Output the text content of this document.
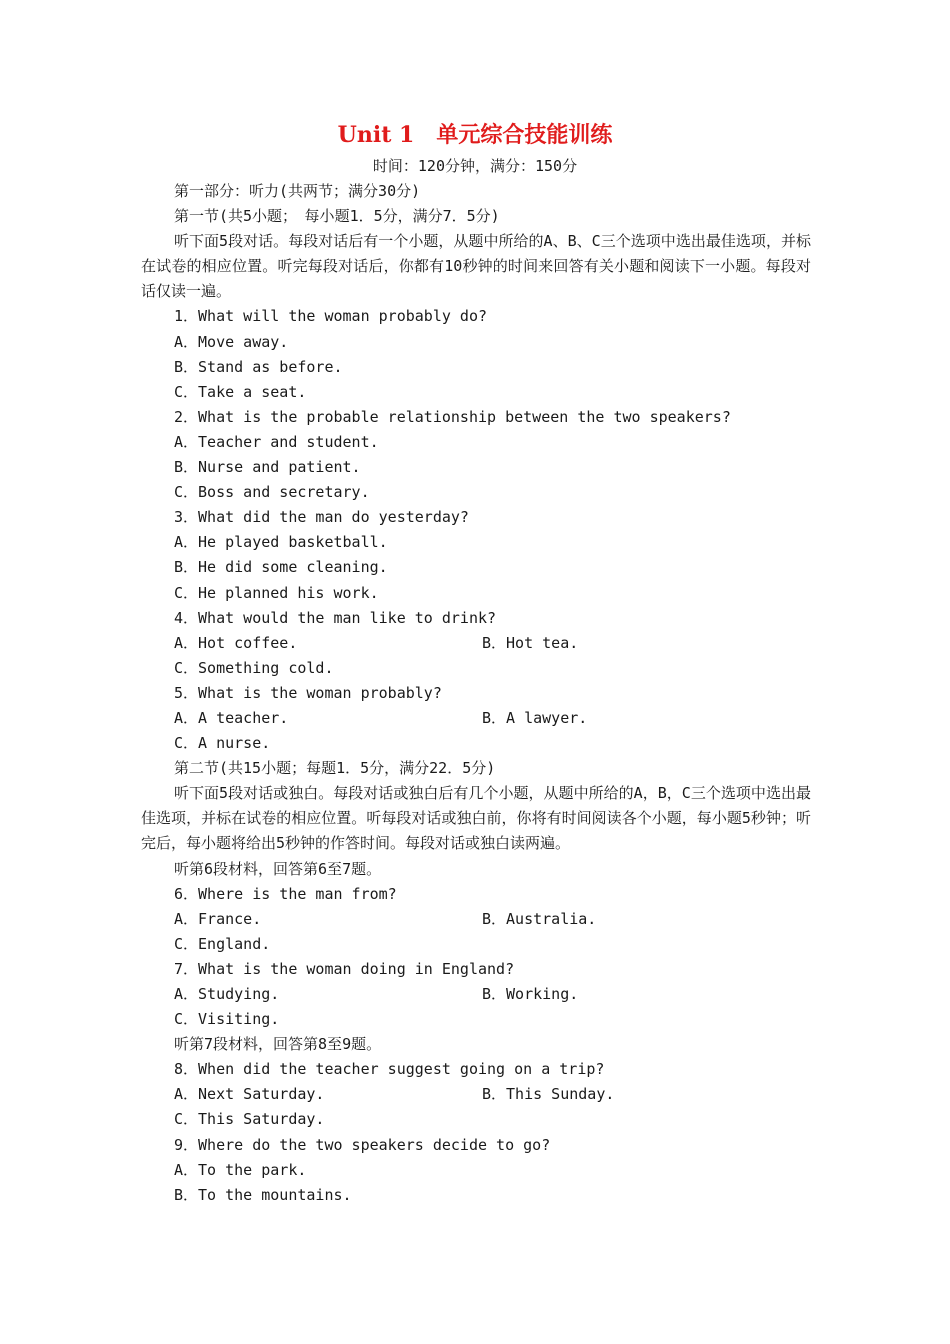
Unit 1　单元综合技能训练
时间：120分钟，满分：150分
第一部分：听力(共两节；满分30分)
第一节(共5小题；　每小题1．5分，满分7．5分)

听下面5段对话。每段对话后有一个小题，从题中所给的A、B、C三个选项中选出最佳选项，并标在试卷的相应位置。听完每段对话后，你都有10秒钟的时间来回答有关小题和阅读下一小题。每段对话仅读一遍。

1．What will the woman probably do?
A．Move away.
B．Stand as before.
C．Take a seat.
2．What is the probable relationship between the two speakers?
A．Teacher and student.
B．Nurse and patient.
C．Boss and secretary.
3．What did the man do yesterday?
A．He played basketball.
B．He did some cleaning.
C．He planned his work.
4．What would the man like to drink?
A．Hot coffee.	B．Hot tea.
C．Something cold.
5．What is the woman probably?
A．A teacher.	B．A lawyer.
C．A nurse.
第二节(共15小题；每题1．5分，满分22．5分)

听下面5段对话或独白。每段对话或独白后有几个小题，从题中所给的A，B，C三个选项中选出最佳选项，并标在试卷的相应位置。听每段对话或独白前，你将有时间阅读各个小题，每小题5秒钟；听完后，每小题将给出5秒钟的作答时间。每段对话或独白读两遍。

听第6段材料，回答第6至7题。
6．Where is the man from?
A．France.	B．Australia.
C．England.
7．What is the woman doing in England?
A．Studying.	B．Working.
C．Visiting.
听第7段材料，回答第8至9题。
8．When did the teacher suggest going on a trip?
A．Next Saturday.	B．This Sunday.
C．This Saturday.
9．Where do the two speakers decide to go?
A．To the park.
B．To the mountains.
